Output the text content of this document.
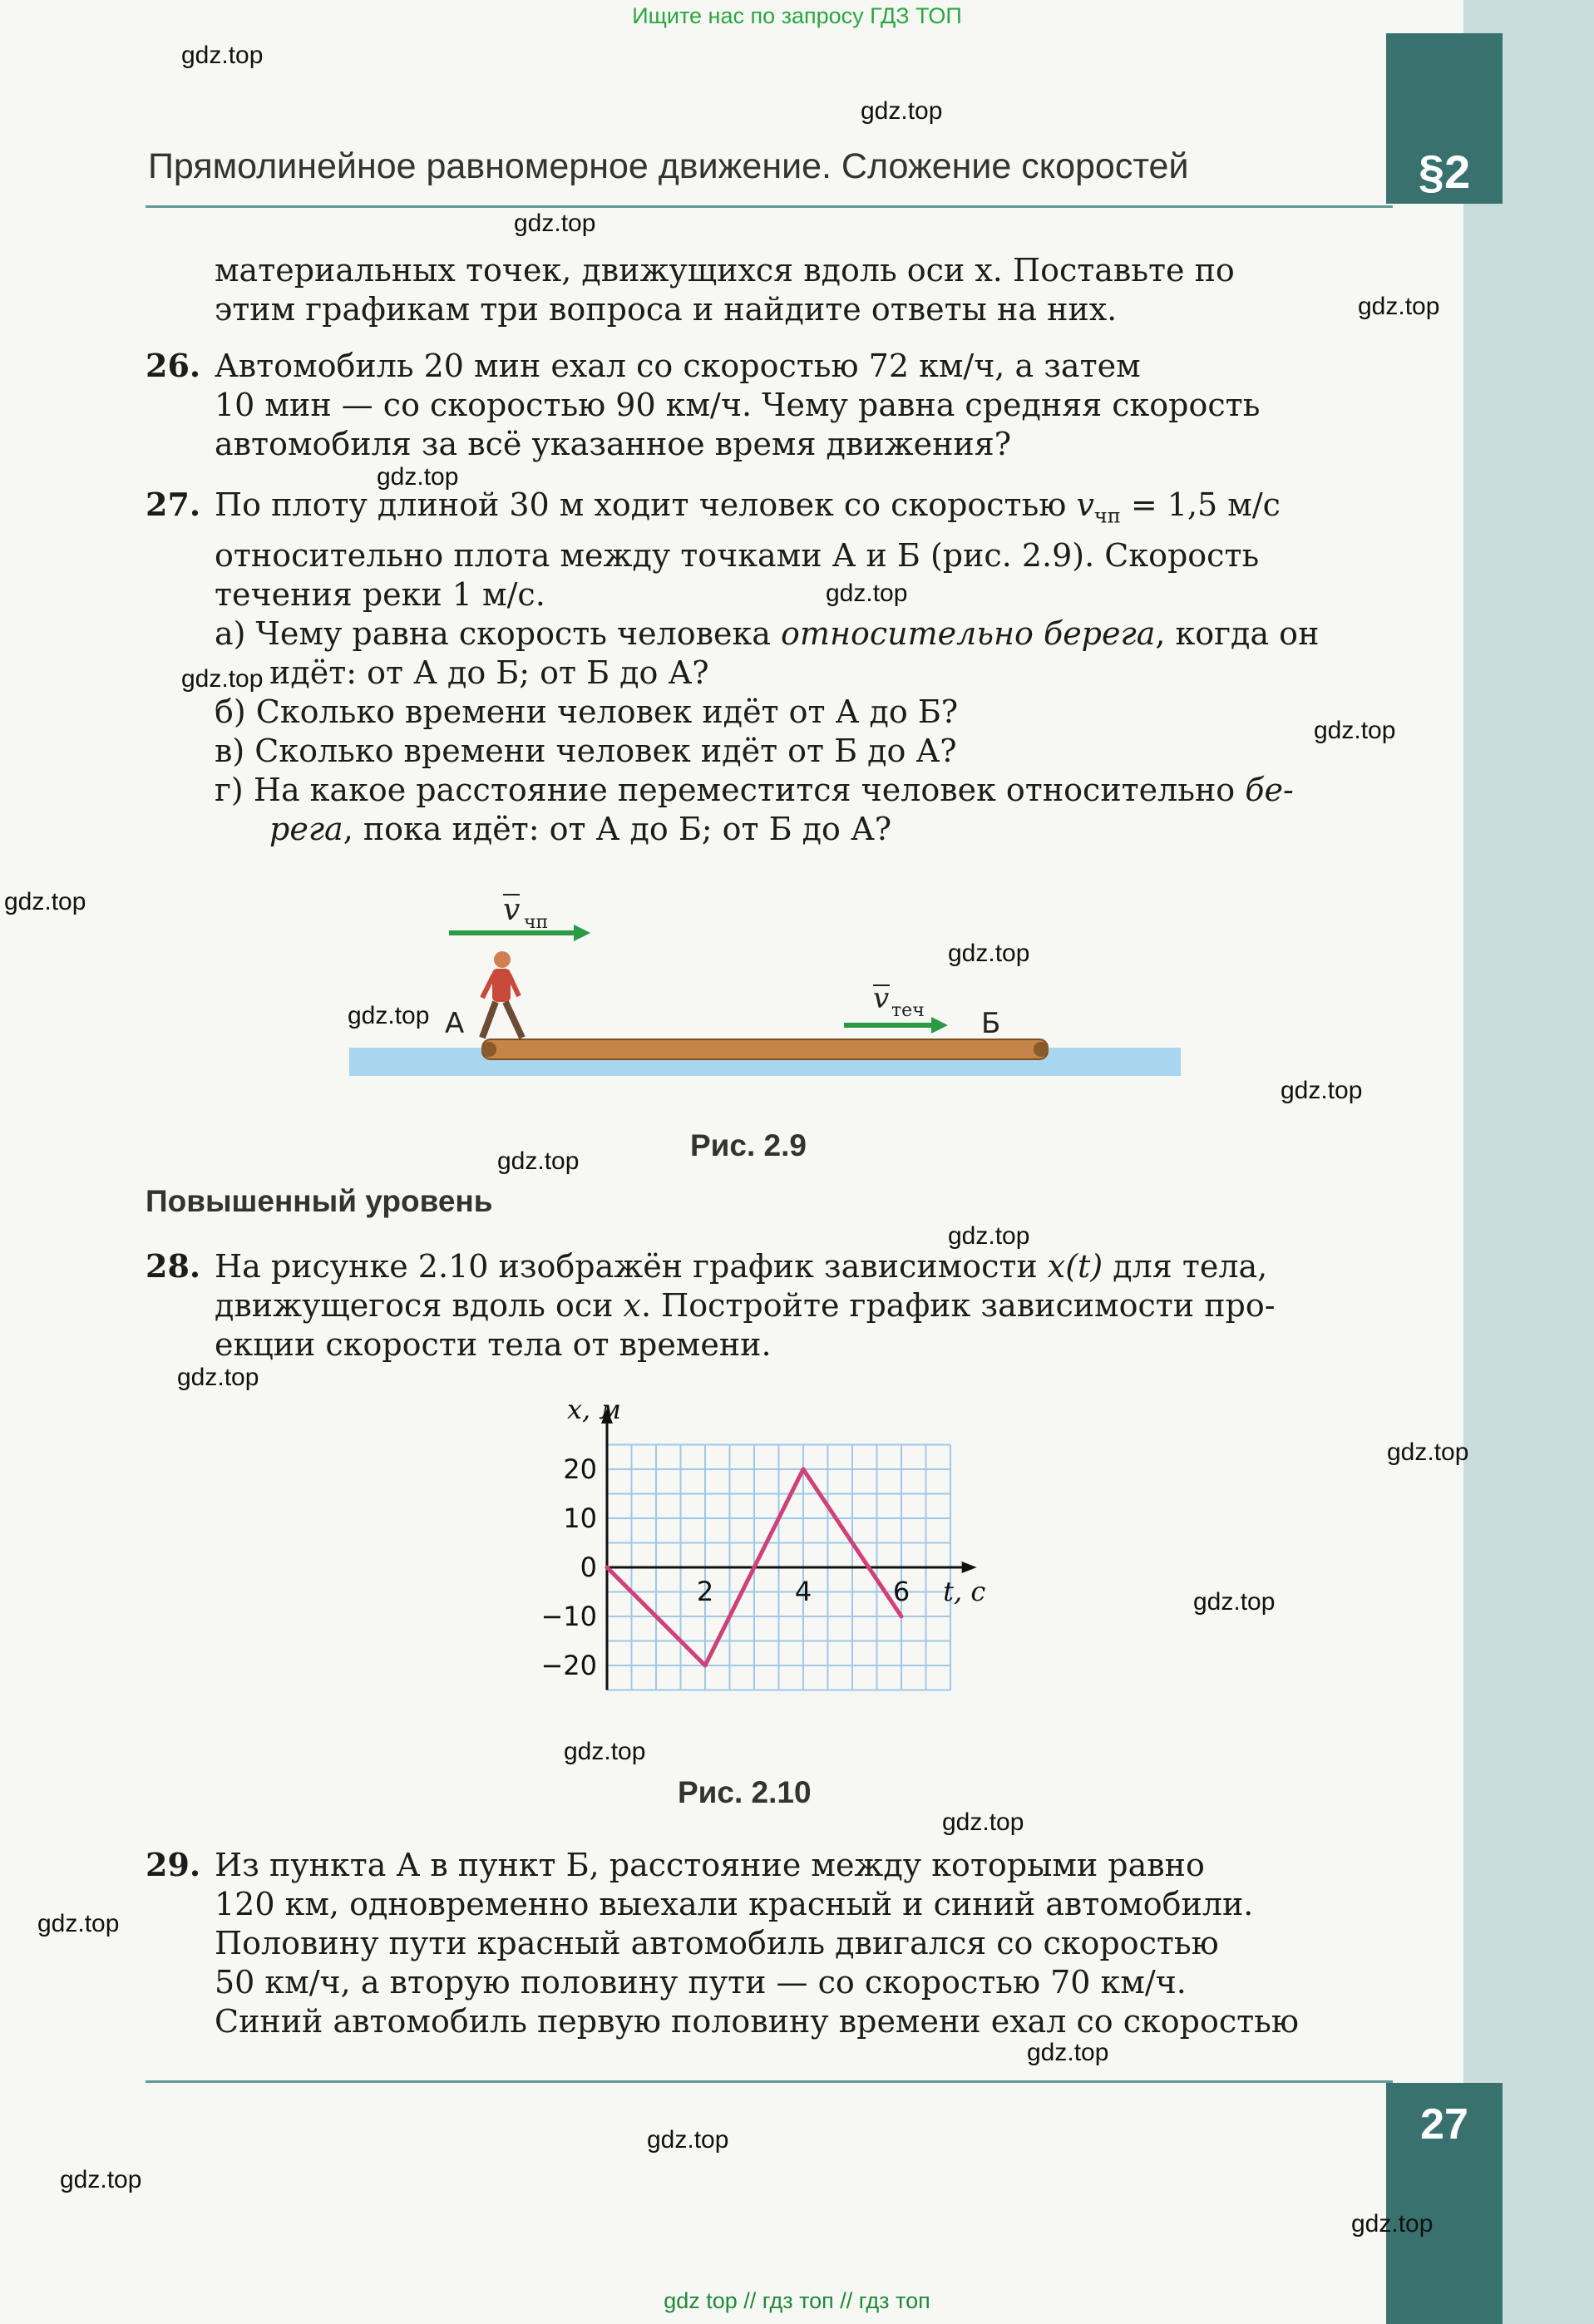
Ищите нас по запросу ГДЗ ТОП
§2
Прямолинейное равномерное движение. Сложение скоростей
материальных точек, движущихся вдоль оси x. Поставьте по
этим графикам три вопроса и найдите ответы на них.
26. Автомобиль 20 мин ехал со скоростью 72 км/ч, а затем
10 мин — со скоростью 90 км/ч. Чему равна средняя скорость
автомобиля за всё указанное время движения?
27. По плоту длиной 30 м ходит человек со скоростью $v_{чп} = 1,5$ м/с
относительно плота между точками А и Б (рис. 2.9). Скорость
течения реки 1 м/с.
а) Чему равна скорость человека относительно берега, когда он
идёт: от А до Б; от Б до А?
б) Сколько времени человек идёт от А до Б?
в) Сколько времени человек идёт от Б до А?
г) На какое расстояние переместится человек относительно бе-
рега, пока идёт: от А до Б; от Б до А?
v чп
А	Б
v теч
Рис. 2.9
Повышенный уровень
28. На рисунке 2.10 изображён график зависимости x(t) для тела,
движущегося вдоль оси x. Постройте график зависимости про-
екции скорости тела от времени.
x, м
t, с
20
10
0
−10
−20
2	4	6
Рис. 2.10
29. Из пункта А в пункт Б, расстояние между которыми равно
120 км, одновременно выехали красный и синий автомобили.
Половину пути красный автомобиль двигался со скоростью
50 км/ч, а вторую половину пути — со скоростью 70 км/ч.
Синий автомобиль первую половину времени ехал со скоростью
27
gdz.top
gdz.top
gdz.top
gdz.top
gdz.top
gdz.top
gdz.top
gdz.top
gdz.top
gdz.top
gdz.top
gdz.top
gdz.top
gdz.top
gdz.top
gdz.top
gdz.top
gdz.top
gdz.top
gdz.top
gdz.top
gdz.top
gdz.top
gdz.top
gdz top // гдз топ // гдз топ
